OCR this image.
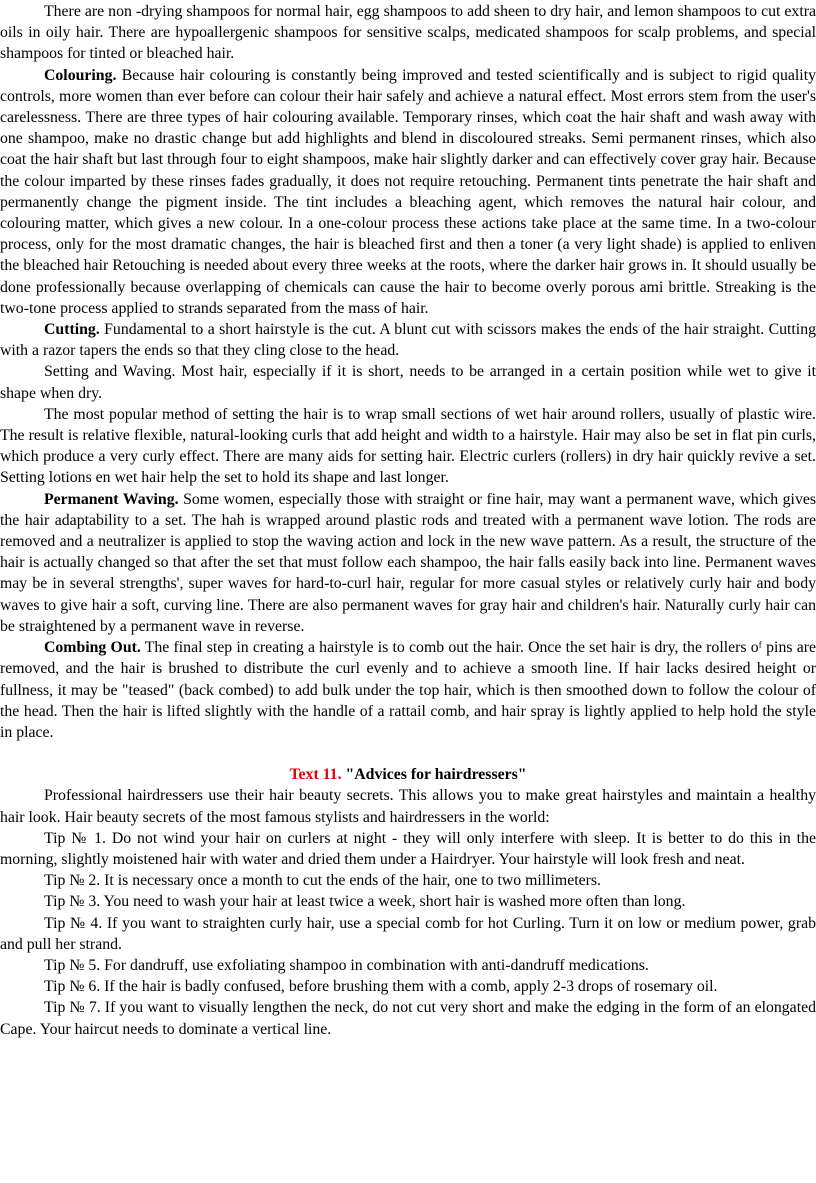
There are non -drying shampoos for normal hair, egg shampoos to add sheen to dry hair, and lemon shampoos to cut extra oils in oily hair. There are hypoallergenic shampoos for sensitive scalps, medicated shampoos for scalp problems, and special shampoos for tinted or bleached hair.

Colouring. Because hair colouring is constantly being improved and tested scientifically and is subject to rigid quality controls, more women than ever before can colour their hair safely and achieve a natural effect. Most errors stem from the user's carelessness. There are three types of hair colouring available. Temporary rinses, which coat the hair shaft and wash away with one shampoo, make no drastic change but add highlights and blend in discoloured streaks. Semi permanent rinses, which also coat the hair shaft but last through four to eight shampoos, make hair slightly darker and can effectively cover gray hair. Because the colour imparted by these rinses fades gradually, it does not require retouching. Permanent tints penetrate the hair shaft and permanently change the pigment inside. The tint includes a bleaching agent, which removes the natural hair colour, and colouring matter, which gives a new colour. In a one-colour process these actions take place at the same time. In a two-colour process, only for the most dramatic changes, the hair is bleached first and then a toner (a very light shade) is applied to enliven the bleached hair Retouching is needed about every three weeks at the roots, where the darker hair grows in. It should usually be done professionally because overlapping of chemicals can cause the hair to become overly porous ami brittle. Streaking is the two-tone process applied to strands separated from the mass of hair.

Cutting. Fundamental to a short hairstyle is the cut. A blunt cut with scissors makes the ends of the hair straight. Cutting with a razor tapers the ends so that they cling close to the head.

Setting and Waving. Most hair, especially if it is short, needs to be arranged in a certain position while wet to give it shape when dry.

The most popular method of setting the hair is to wrap small sections of wet hair around rollers, usually of plastic wire. The result is relative flexible, natural-looking curls that add height and width to a hairstyle. Hair may also be set in flat pin curls, which produce a very curly effect. There are many aids for setting hair. Electric curlers (rollers) in dry hair quickly revive a set. Setting lotions en wet hair help the set to hold its shape and last longer.

Permanent Waving. Some women, especially those with straight or fine hair, may want a permanent wave, which gives the hair adaptability to a set. The hah is wrapped around plastic rods and treated with a permanent wave lotion. The rods are removed and a neutralizer is applied to stop the waving action and lock in the new wave pattern. As a result, the structure of the hair is actually changed so that after the set that must follow each shampoo, the hair falls easily back into line. Permanent waves may be in several strengths', super waves for hard-to-curl hair, regular for more casual styles or relatively curly hair and body waves to give hair a soft, curving line. There are also permanent waves for gray hair and children's hair. Naturally curly hair can be straightened by a permanent wave in reverse.

Combing Out. The final step in creating a hairstyle is to comb out the hair. Once the set hair is dry, the rollers oᶠ pins are removed, and the hair is brushed to distribute the curl evenly and to achieve a smooth line. If hair lacks desired height or fullness, it may be "teased" (back combed) to add bulk under the top hair, which is then smoothed down to follow the colour of the head. Then the hair is lifted slightly with the handle of a rattail comb, and hair spray is lightly applied to help hold the style in place.

Text 11. "Advices for hairdressers"

Professional hairdressers use their hair beauty secrets. This allows you to make great hairstyles and maintain a healthy hair look. Hair beauty secrets of the most famous stylists and hairdressers in the world:

Tip № 1. Do not wind your hair on curlers at night - they will only interfere with sleep. It is better to do this in the morning, slightly moistened hair with water and dried them under a Hairdryer. Your hairstyle will look fresh and neat.

Tip № 2. It is necessary once a month to cut the ends of the hair, one to two millimeters.

Tip № 3. You need to wash your hair at least twice a week, short hair is washed more often than long.

Tip № 4. If you want to straighten curly hair, use a special comb for hot Curling. Turn it on low or medium power, grab and pull her strand.

Tip № 5. For dandruff, use exfoliating shampoo in combination with anti-dandruff medications.

Tip № 6. If the hair is badly confused, before brushing them with a comb, apply 2-3 drops of rosemary oil.

Tip № 7. If you want to visually lengthen the neck, do not cut very short and make the edging in the form of an elongated Cape. Your haircut needs to dominate a vertical line.
